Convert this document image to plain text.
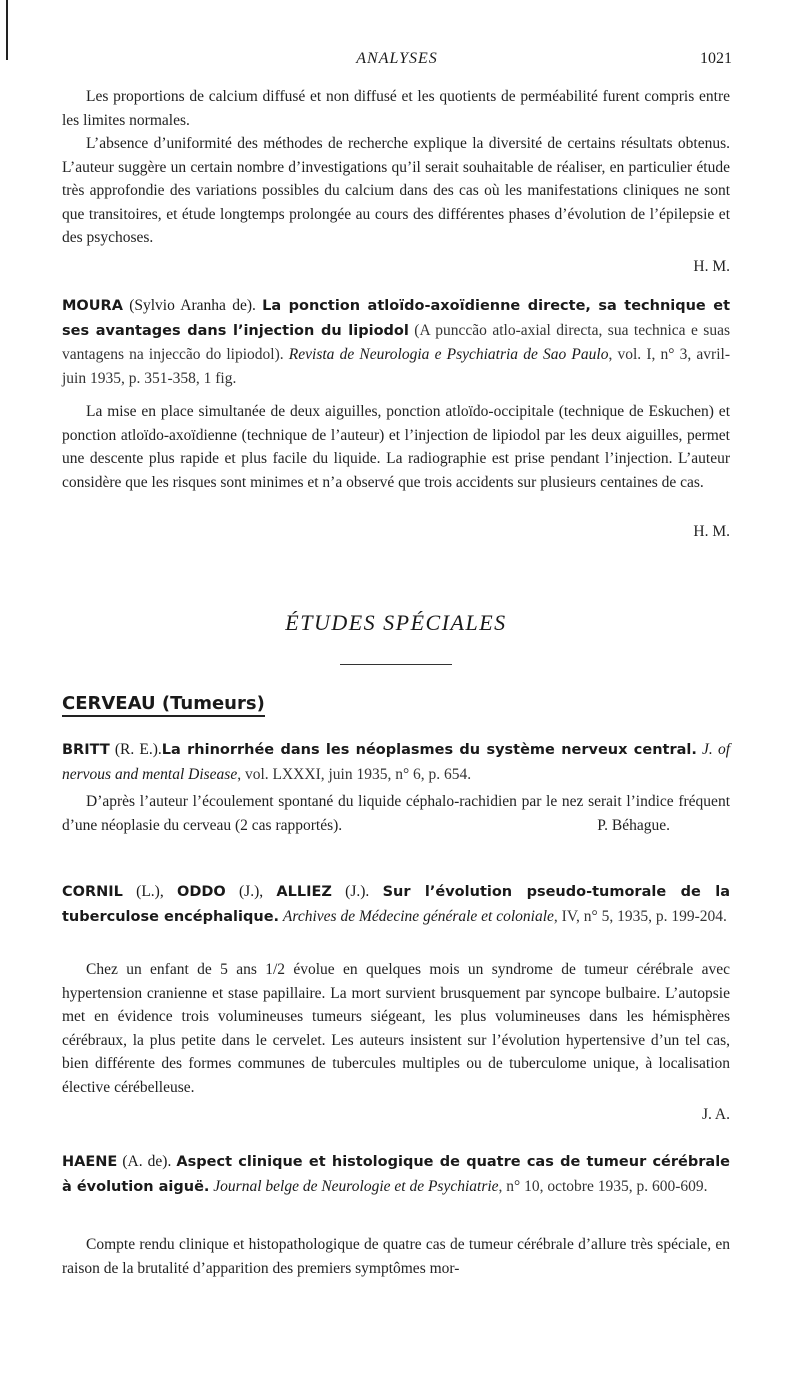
ANALYSES	1021
Les proportions de calcium diffusé et non diffusé et les quotients de perméabilité furent compris entre les limites normales.
L’absence d’uniformité des méthodes de recherche explique la diversité de certains résultats obtenus. L’auteur suggère un certain nombre d’investigations qu’il serait souhaitable de réaliser, en particulier étude très approfondie des variations possibles du calcium dans des cas où les manifestations cliniques ne sont que transitoires, et étude longtemps prolongée au cours des différentes phases d’évolution de l’épilepsie et des psychoses.
H. M.
MOURA (Sylvio Aranha de). La ponction atloïdo-axoïdienne directe, sa technique et ses avantages dans l’injection du lipiodol (A punccão atlo-axial directa, sua technica e suas vantagens na injeccão do lipiodol). Revista de Neurologia e Psychiatria de Sao Paulo, vol. I, n° 3, avril-juin 1935, p. 351-358, 1 fig.
La mise en place simultanée de deux aiguilles, ponction atloïdo-occipitale (technique de Eskuchen) et ponction atloïdo-axoïdienne (technique de l’auteur) et l’injection de lipiodol par les deux aiguilles, permet une descente plus rapide et plus facile du liquide. La radiographie est prise pendant l’injection. L’auteur considère que les risques sont minimes et n’a observé que trois accidents sur plusieurs centaines de cas.
H. M.
ÉTUDES SPÉCIALES
CERVEAU (Tumeurs)
BRITT (R. E.).La rhinorrhée dans les néoplasmes du système nerveux central. J. of nervous and mental Disease, vol. LXXXI, juin 1935, n° 6, p. 654.
D’après l’auteur l’écoulement spontané du liquide céphalo-rachidien par le nez serait l’indice fréquent d’une néoplasie du cerveau (2 cas rapportés).	P. Béhague.
CORNIL (L.), ODDO (J.), ALLIEZ (J.). Sur l’évolution pseudo-tumorale de la tuberculose encéphalique. Archives de Médecine générale et coloniale, IV, n° 5, 1935, p. 199-204.
Chez un enfant de 5 ans 1/2 évolue en quelques mois un syndrome de tumeur cérébrale avec hypertension cranienne et stase papillaire. La mort survient brusquement par syncope bulbaire. L’autopsie met en évidence trois volumineuses tumeurs siégeant, les plus volumineuses dans les hémisphères cérébraux, la plus petite dans le cervelet. Les auteurs insistent sur l’évolution hypertensive d’un tel cas, bien différente des formes communes de tubercules multiples ou de tuberculome unique, à localisation élective cérébelleuse.
J. A.
HAENE (A. de). Aspect clinique et histologique de quatre cas de tumeur cérébrale à évolution aiguë. Journal belge de Neurologie et de Psychiatrie, n° 10, octobre 1935, p. 600-609.
Compte rendu clinique et histopathologique de quatre cas de tumeur cérébrale d’allure très spéciale, en raison de la brutalité d’apparition des premiers symptômes mor-
